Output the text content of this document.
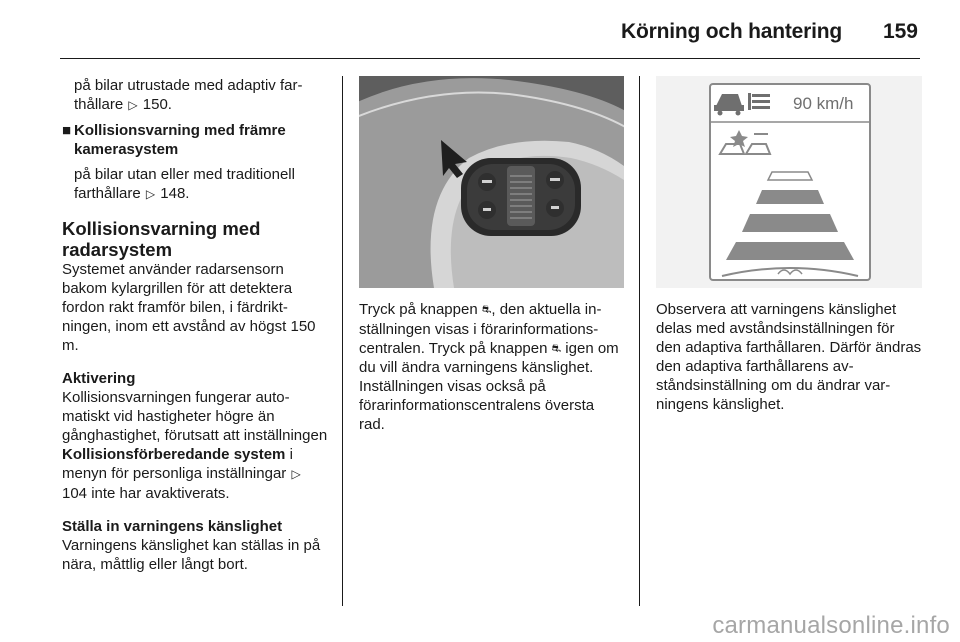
Körning och hantering 159

på bilar utrustade med adaptiv farthållare ▷ 150.

■ Kollisionsvarning med främre kamerasystem

på bilar utan eller med traditionell farthållare ▷ 148.

Kollisionsvarning med radarsystem

Systemet använder radarsensorn bakom kylargrillen för att detektera fordon rakt framför bilen, i färdriktningen, inom ett avstånd av högst 150 m.

Aktivering

Kollisionsvarningen fungerar automatiskt vid hastigheter högre än gånghastighet, förutsatt att inställningen Kollisionsförberedande system i menyn för personliga inställningar ▷ 104 inte har avaktiverats.

Ställa in varningens känslighet

Varningens känslighet kan ställas in på nära, måttlig eller långt bort.

Tryck på knappen ⛐, den aktuella inställningen visas i förarinformationscentralen. Tryck på knappen ⛐ igen om du vill ändra varningens känslighet. Inställningen visas också på förarinformationscentralens översta rad.

90 km/h

Observera att varningens känslighet delas med avståndsinställningen för den adaptiva farthållaren. Därför ändras den adaptiva farthållarens avståndsinställning om du ändrar varningens känslighet.

carmanualsonline.info
